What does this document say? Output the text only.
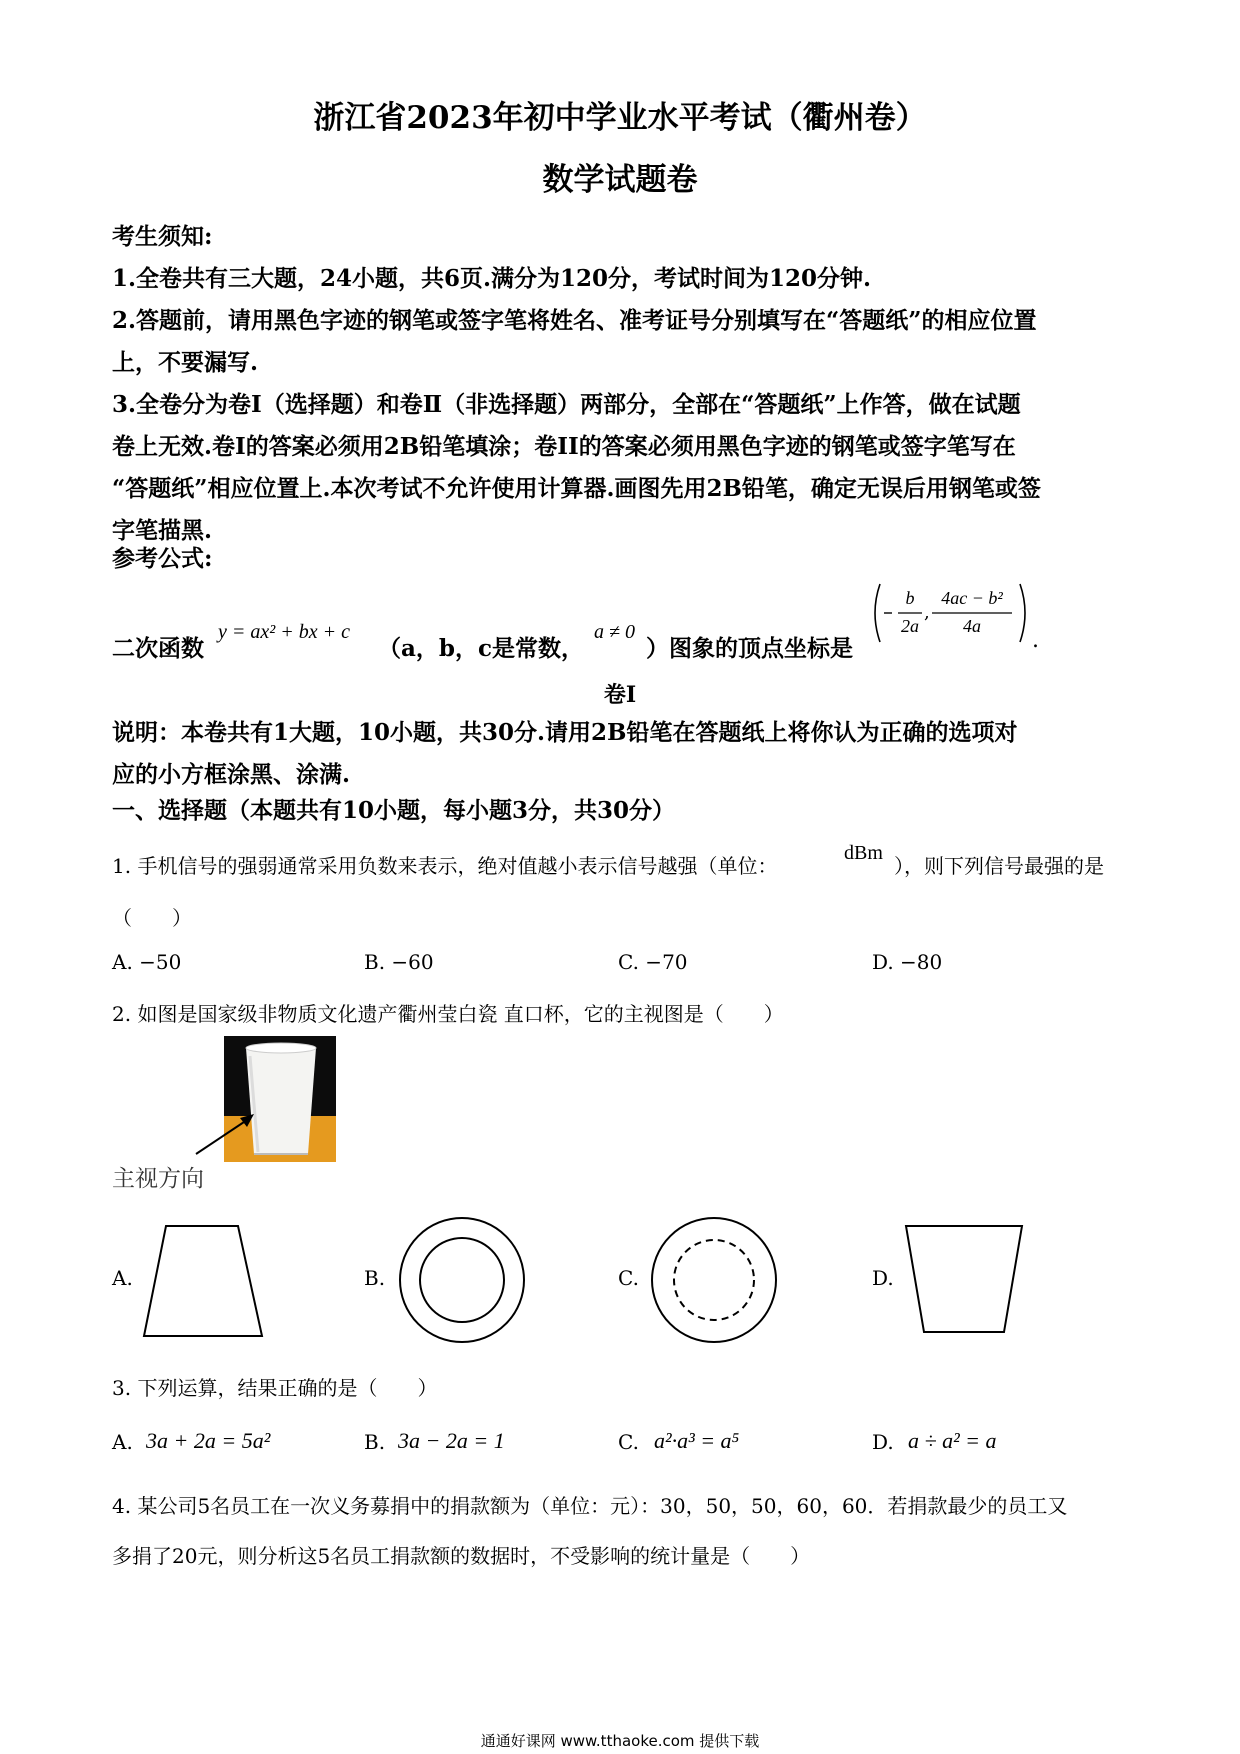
浙江省2023年初中学业水平考试（衢州卷）
数学试题卷
考生须知:
1.全卷共有三大题，24小题，共6页.满分为120分，考试时间为120分钟.
2.答题前，请用黑色字迹的钢笔或签字笔将姓名、准考证号分别填写在“答题纸”的相应位置
上，不要漏写.
3.全卷分为卷Ⅰ（选择题）和卷Ⅱ（非选择题）两部分，全部在“答题纸”上作答，做在试题
卷上无效.卷Ⅰ的答案必须用2B铅笔填涂；卷II的答案必须用黑色字迹的钢笔或签字笔写在
“答题纸”相应位置上.本次考试不允许使用计算器.画图先用2B铅笔，确定无误后用钢笔或签
字笔描黑.
参考公式:
二次函数
y = ax² + bx + c
（a，b，c是常数，
a ≠ 0
）图象的顶点坐标是
b
2a
4ac − b²
4a
,
.
卷Ⅰ
说明：本卷共有1大题，10小题，共30分.请用2B铅笔在答题纸上将你认为正确的选项对
应的小方框涂黑、涂满.
一、选择题（本题共有10小题，每小题3分，共30分）
1. 手机信号的强弱通常采用负数来表示，绝对值越小表示信号越强（单位：
dBm
），则下列信号最强的是
（　　）
A. −50	B. −60	C. −70	D. −80
2. 如图是国家级非物质文化遗产衢州莹白瓷 直口杯，它的主视图是（　　）
主视方向
A.	B.	C.	D.
3. 下列运算，结果正确的是（　　）
A. 3a + 2a = 5a²	B. 3a − 2a = 1	C. a²·a³ = a⁵	D. a ÷ a² = a
4. 某公司5名员工在一次义务募捐中的捐款额为（单位：元）：30，50，50，60，60．若捐款最少的员工又
多捐了20元，则分析这5名员工捐款额的数据时，不受影响的统计量是（　　）
通通好课网 www.tthaoke.com 提供下载
